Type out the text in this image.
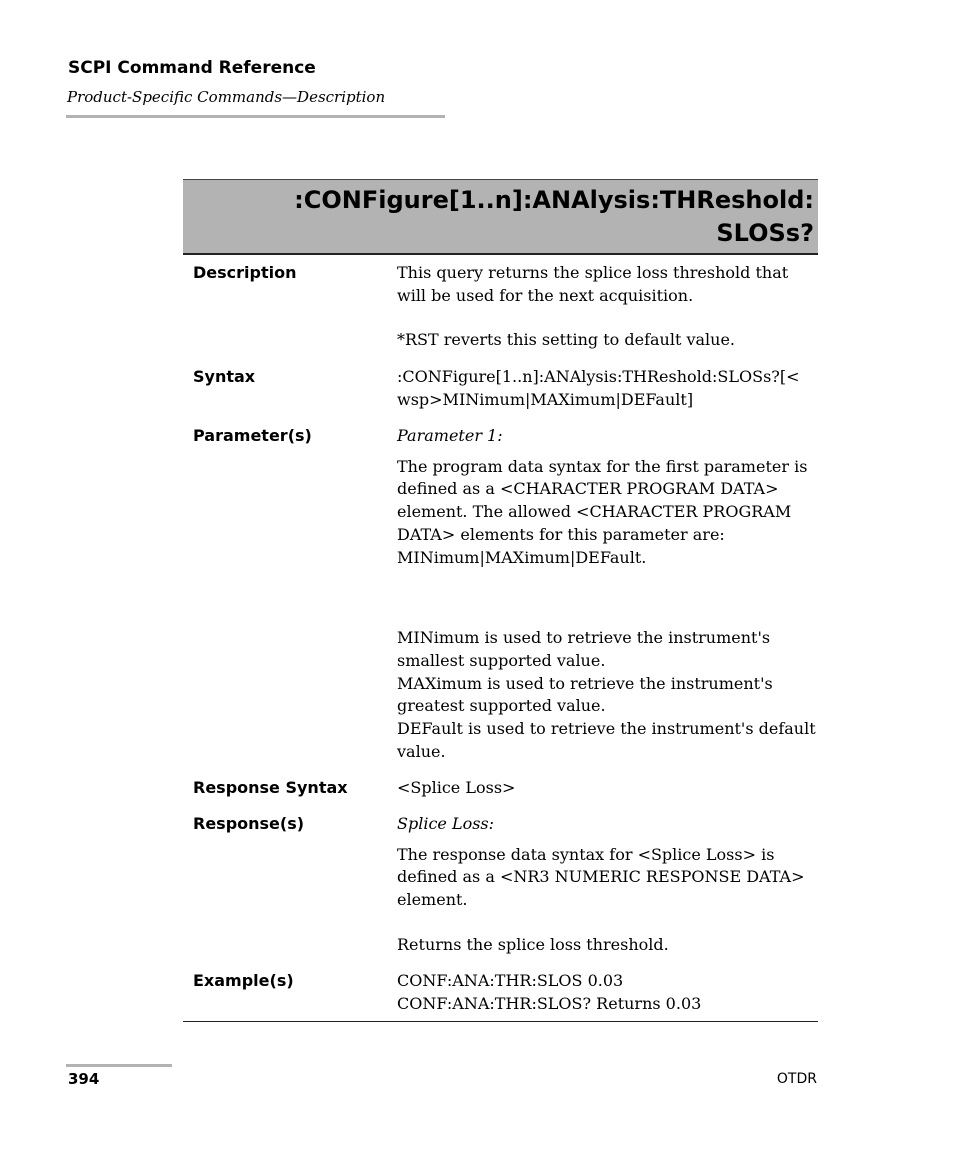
SCPI Command Reference
Product-Specific Commands—Description
:CONFigure[1..n]:ANAlysis:THReshold:
SLOSs?
Description	This query returns the splice loss threshold that will be used for the next acquisition.

*RST reverts this setting to default value.

Syntax	:CONFigure[1..n]:ANAlysis:THReshold:SLOSs?[<

wsp>MINimum|MAXimum|DEFault]

Parameter(s)	Parameter 1:

The program data syntax for the first parameter is defined as a <CHARACTER PROGRAM DATA> element. The allowed <CHARACTER PROGRAM DATA> elements for this parameter are: MINimum|MAXimum|DEFault.

MINimum is used to retrieve the instrument's smallest supported value.

MAXimum is used to retrieve the instrument's greatest supported value.

DEFault is used to retrieve the instrument's default value.

Response Syntax	<Splice Loss>

Response(s)	Splice Loss:

The response data syntax for <Splice Loss> is defined as a <NR3 NUMERIC RESPONSE DATA> element.

Returns the splice loss threshold.

Example(s)	CONF:ANA:THR:SLOS 0.03

CONF:ANA:THR:SLOS? Returns 0.03

394	OTDR
